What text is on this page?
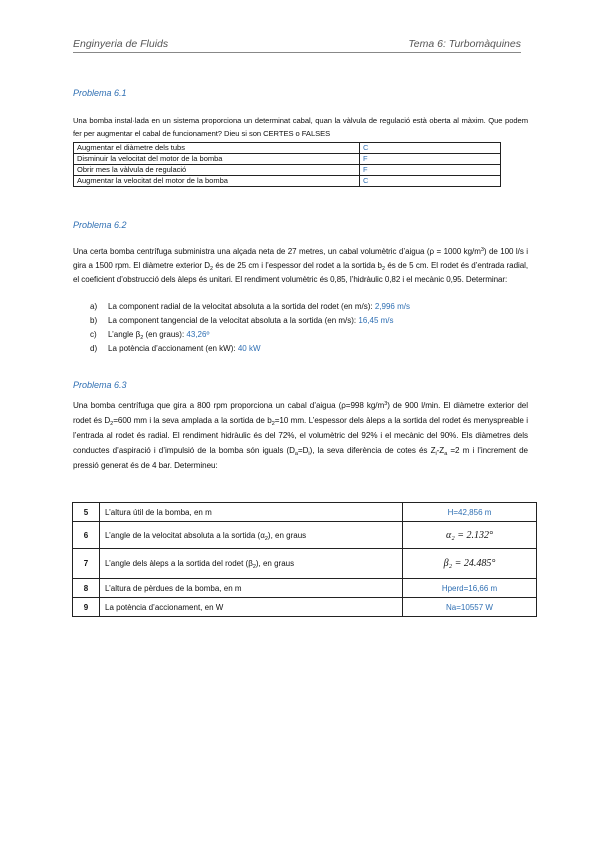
Enginyeria de Fluids	Tema 6: Turbomàquines
Problema 6.1
Una bomba instal·lada en un sistema proporciona un determinat cabal, quan la vàlvula de regulació està oberta al màxim. Que podem fer per augmentar el cabal de funcionament? Dieu si son CERTES o FALSES
Augmentar el diàmetre dels tubs	C
Disminuir la velocitat del motor de la bomba	F
Obrir mes la vàlvula de regulació	F
Augmentar la velocitat del motor de la bomba	C
Problema 6.2
Una certa bomba centrífuga subministra una alçada neta de 27 metres, un cabal volumètric d’aigua (ρ = 1000 $kg/m^3$) de 100 l/s i gira a 1500 rpm. El diàmetre exterior $D_2$ és de 25 cm i l’espessor del rodet a la sortida $b_2$ és de 5 cm. El rodet és d’entrada radial, el coeficient d’obstrucció dels àleps és unitari. El rendiment volumètric és 0,85, l’hidràulic 0,82 i el mecànic 0,95. Determinar:
a) La component radial de la velocitat absoluta a la sortida del rodet (en m/s): 2,996 m/s
b) La component tangencial de la velocitat absoluta a la sortida (en m/s): 16,45 m/s
c) L’angle $\beta_2$ (en graus): 43,26º
d) La potència d’accionament (en kW): 40 kW
Problema 6.3
Una bomba centrífuga que gira a 800 rpm proporciona un cabal d’aigua (ρ=998 $kg/m^3$) de 900 l/min. El diàmetre exterior del rodet és $D_2=600$ mm i la seva amplada a la sortida de $b_2=10$ mm. L’espessor dels àleps a la sortida del rodet és menyspreable i l’entrada al rodet és radial. El rendiment hidràulic és del 72%, el volumètric del 92% i el mecànic del 90%. Els diàmetres dels conductes d’aspiració i d’impulsió de la bomba són iguals $(D_a=D_i)$, la seva diferència de cotes és $Z_i-Z_a =2$ m i l’increment de pressió generat és de 4 bar. Determineu:
5	L’altura útil de la bomba, en m	H=42,856 m
6	L’angle de la velocitat absoluta a la sortida $(\alpha_2)$, en graus	α₂ = 2.132°
7	L’angle dels àleps a la sortida del rodet $(\beta_2)$, en graus	β₂ = 24.485°
8	L’altura de pèrdues de la bomba, en m	Hperd=16,66 m
9	La potència d’accionament, en W	Na=10557 W
